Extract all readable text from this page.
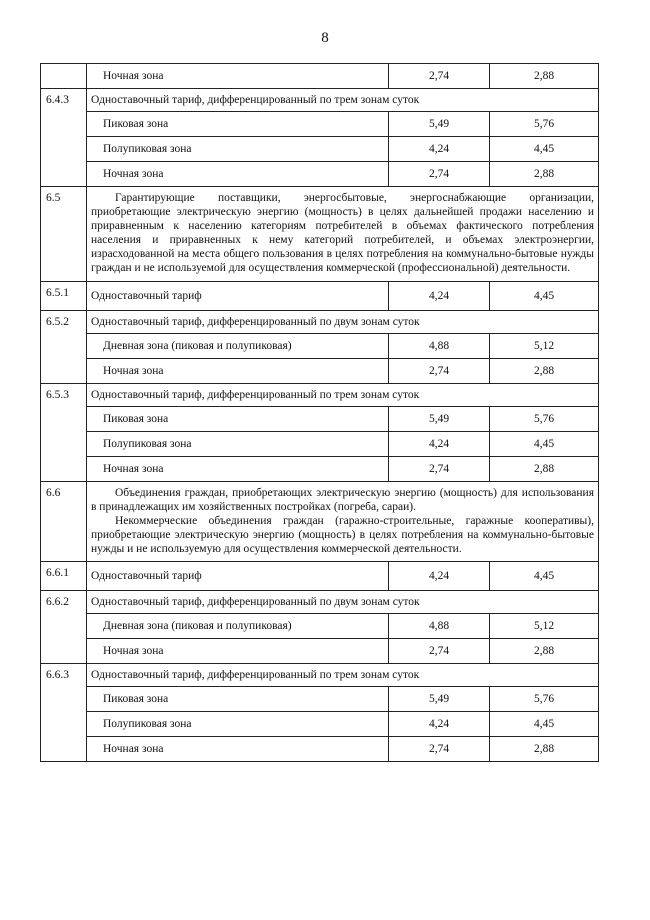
8
	Ночная зона	2,74	2,88
6.4.3	Одноставочный тариф, дифференцированный по трем зонам суток		
	Пиковая зона	5,49	5,76
	Полупиковая зона	4,24	4,45
	Ночная зона	2,74	2,88
6.5	Гарантирующие поставщики, энергосбытовые, энергоснабжающие организации, приобретающие электрическую энергию (мощность) в целях дальнейшей продажи населению и приравненным к населению категориям потребителей в объемах фактического потребления населения и приравненных к нему категорий потребителей, и объемах электроэнергии, израсходованной на места общего пользования в целях потребления на коммунально-бытовые нужды граждан и не используемой для осуществления коммерческой (профессиональной) деятельности.		

6.5.1	Одноставочный тариф	4,24	4,45
6.5.2	Одноставочный тариф, дифференцированный по двум зонам суток		
	Дневная зона (пиковая и полупиковая)	4,88	5,12
	Ночная зона	2,74	2,88
6.5.3	Одноставочный тариф, дифференцированный по трем зонам суток		
	Пиковая зона	5,49	5,76
	Полупиковая зона	4,24	4,45
	Ночная зона	2,74	2,88
6.6	Объединения граждан, приобретающих электрическую энергию (мощность) для использования в принадлежащих им хозяйственных постройках (погреба, сараи).

Некоммерческие объединения граждан (гаражно-строительные, гаражные кооперативы), приобретающие электрическую энергию (мощность) в целях потребления на коммунально-бытовые нужды и не используемую для осуществления коммерческой деятельности.		

6.6.1	Одноставочный тариф	4,24	4,45
6.6.2	Одноставочный тариф, дифференцированный по двум зонам суток		
	Дневная зона (пиковая и полупиковая)	4,88	5,12
	Ночная зона	2,74	2,88
6.6.3	Одноставочный тариф, дифференцированный по трем зонам суток		
	Пиковая зона	5,49	5,76
	Полупиковая зона	4,24	4,45
	Ночная зона	2,74	2,88
